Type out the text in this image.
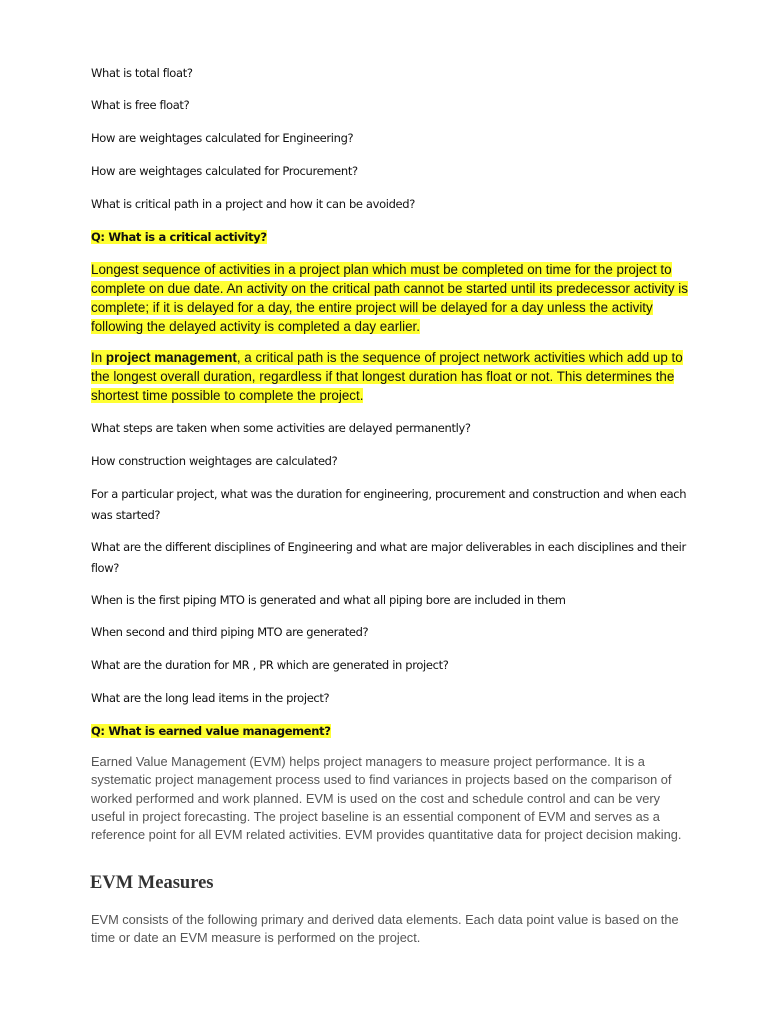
What is total float?

What is free float?

How are weightages calculated for Engineering?

How are weightages calculated for Procurement?

What is critical path in a project and how it can be avoided?

Q: What is a critical activity?

Longest sequence of activities in a project plan which must be completed on time for the project to complete on due date. An activity on the critical path cannot be started until its predecessor activity is complete; if it is delayed for a day, the entire project will be delayed for a day unless the activity following the delayed activity is completed a day earlier.

In project management, a critical path is the sequence of project network activities which add up to the longest overall duration, regardless if that longest duration has float or not. This determines the shortest time possible to complete the project.

What steps are taken when some activities are delayed permanently?

How construction weightages are calculated?

For a particular project, what was the duration for engineering, procurement and construction and when each was started?

What are the different disciplines of Engineering and what are major deliverables in each disciplines and their flow?

When is the first piping MTO is generated and what all piping bore are included in them

When second and third piping MTO are generated?

What are the duration for MR , PR which are generated in project?

What are the long lead items in the project?

Q: What is earned value management?

Earned Value Management (EVM) helps project managers to measure project performance. It is a systematic project management process used to find variances in projects based on the comparison of worked performed and work planned. EVM is used on the cost and schedule control and can be very useful in project forecasting. The project baseline is an essential component of EVM and serves as a reference point for all EVM related activities. EVM provides quantitative data for project decision making.

EVM Measures

EVM consists of the following primary and derived data elements. Each data point value is based on the time or date an EVM measure is performed on the project.
